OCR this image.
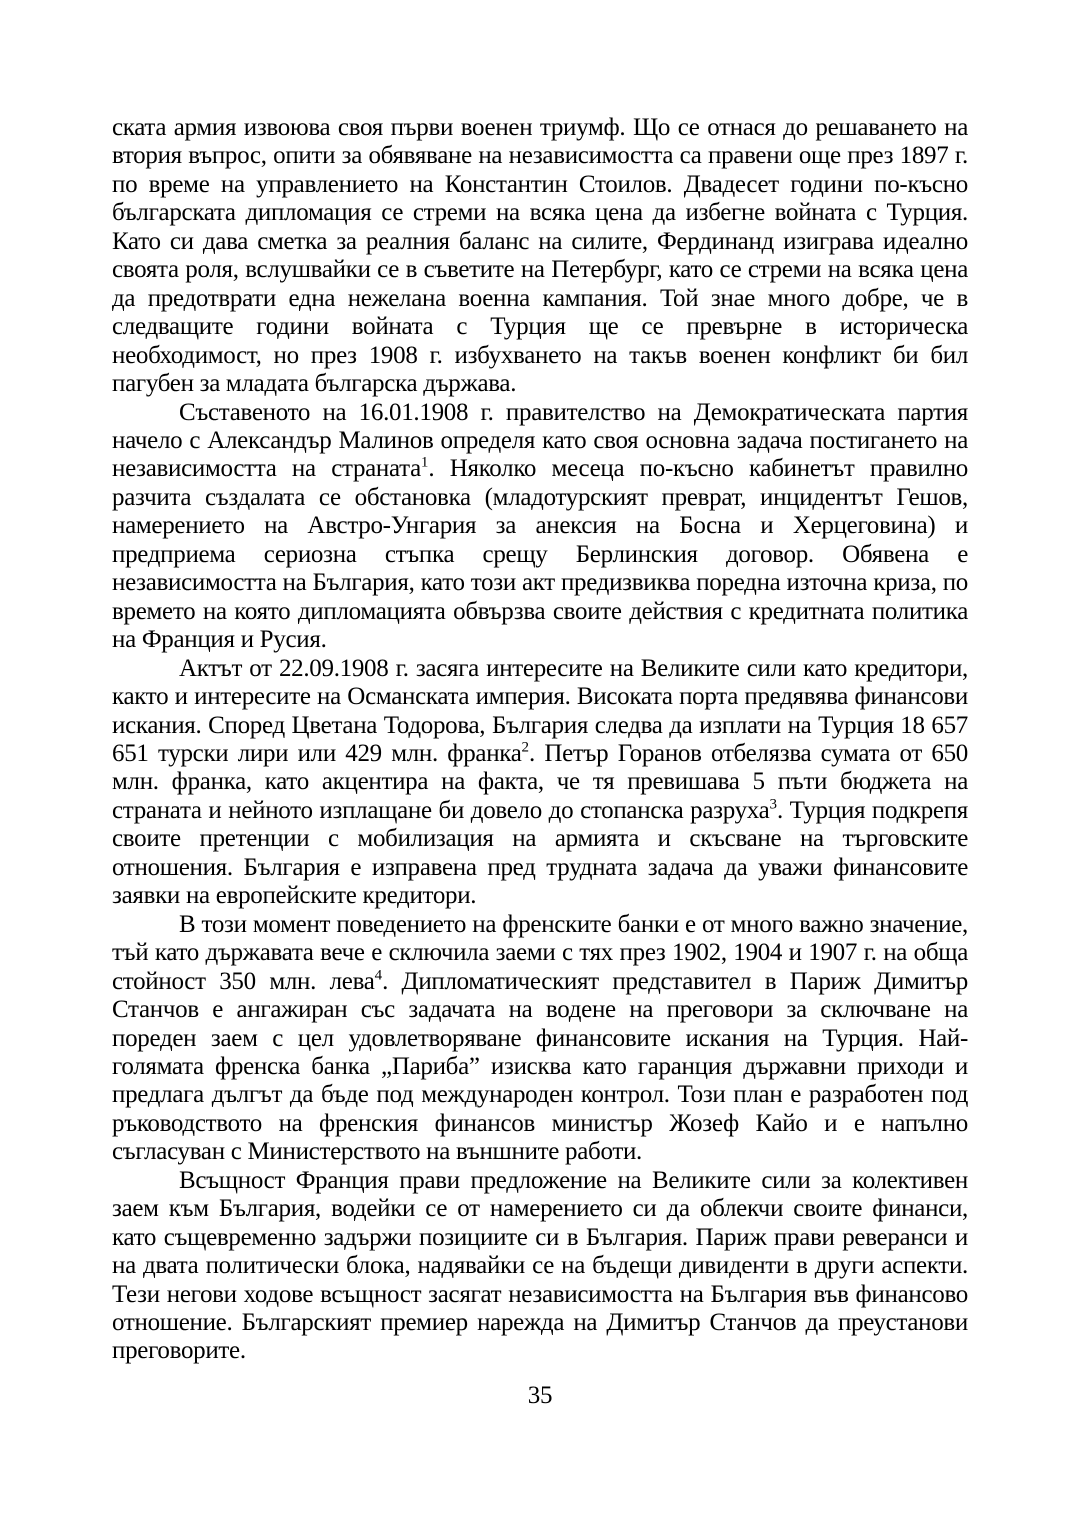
ската армия извоюва своя първи военен триумф. Що се отнася до решаването на втория въпрос, опити за обявяване на независимостта са правени още през 1897 г. по време на управлението на Константин Стоилов. Двадесет години по-късно българската дипломация се стреми на всяка цена да избегне войната с Турция. Като си дава сметка за реалния баланс на силите, Фердинанд изиграва идеално своята роля, вслушвайки се в съветите на Петербург, като се стреми на всяка цена да предотврати една нежелана военна кампания. Той знае много добре, че в следващите години войната с Турция ще се превърне в историческа необходимост, но през 1908 г. избухването на такъв военен конфликт би бил пагубен за младата българска държава.

Съставеното на 16.01.1908 г. правителство на Демократическата партия начело с Александър Малинов определя като своя основна задача постигането на независимостта на страната$^1$. Няколко месеца по-късно кабинетът правилно разчита създалата се обстановка (младотурският преврат, инцидентът Гешов, намерението на Австро-Унгария за анексия на Босна и Херцеговина) и предприема сериозна стъпка срещу Берлинския договор. Обявена е независимостта на България, като този акт предизвиква поредна източна криза, по времето на която дипломацията обвързва своите действия с кредитната политика на Франция и Русия.

Актът от 22.09.1908 г. засяга интересите на Великите сили като кредитори, както и интересите на Османската империя. Високата порта предявява финансови искания. Според Цветана Тодорова, България следва да изплати на Турция 18 657 651 турски лири или 429 млн. франка$^2$. Петър Горанов отбелязва сумата от 650 млн. франка, като акцентира на факта, че тя превишава 5 пъти бюджета на страната и нейното изплащане би довело до стопанска разруха$^3$. Турция подкрепя своите претенции с мобилизация на армията и скъсване на търговските отношения. България е изправена пред трудната задача да уважи финансовите заявки на европейските кредитори.

В този момент поведението на френските банки е от много важно значение, тъй като държавата вече е сключила заеми с тях през 1902, 1904 и 1907 г. на обща стойност 350 млн. лева$^4$. Дипломатическият представител в Париж Димитър Станчов е ангажиран със задачата на водене на преговори за сключване на пореден заем с цел удовлетворяване финансовите искания на Турция. Най-голямата френска банка „Париба” изисква като гаранция държавни приходи и предлага дългът да бъде под международен контрол. Този план е разработен под ръководството на френския финансов министър Жозеф Кайо и е напълно съгласуван с Министерството на външните работи.

Всъщност Франция прави предложение на Великите сили за колективен заем към България, водейки се от намерението си да облекчи своите финанси, като същевременно задържи позициите си в България. Париж прави реверанси и на двата политически блока, надявайки се на бъдещи дивиденти в други аспекти. Тези негови ходове всъщност засягат независимостта на България във финансово отношение. Българският премиер нарежда на Димитър Станчов да преустанови преговорите.

35
